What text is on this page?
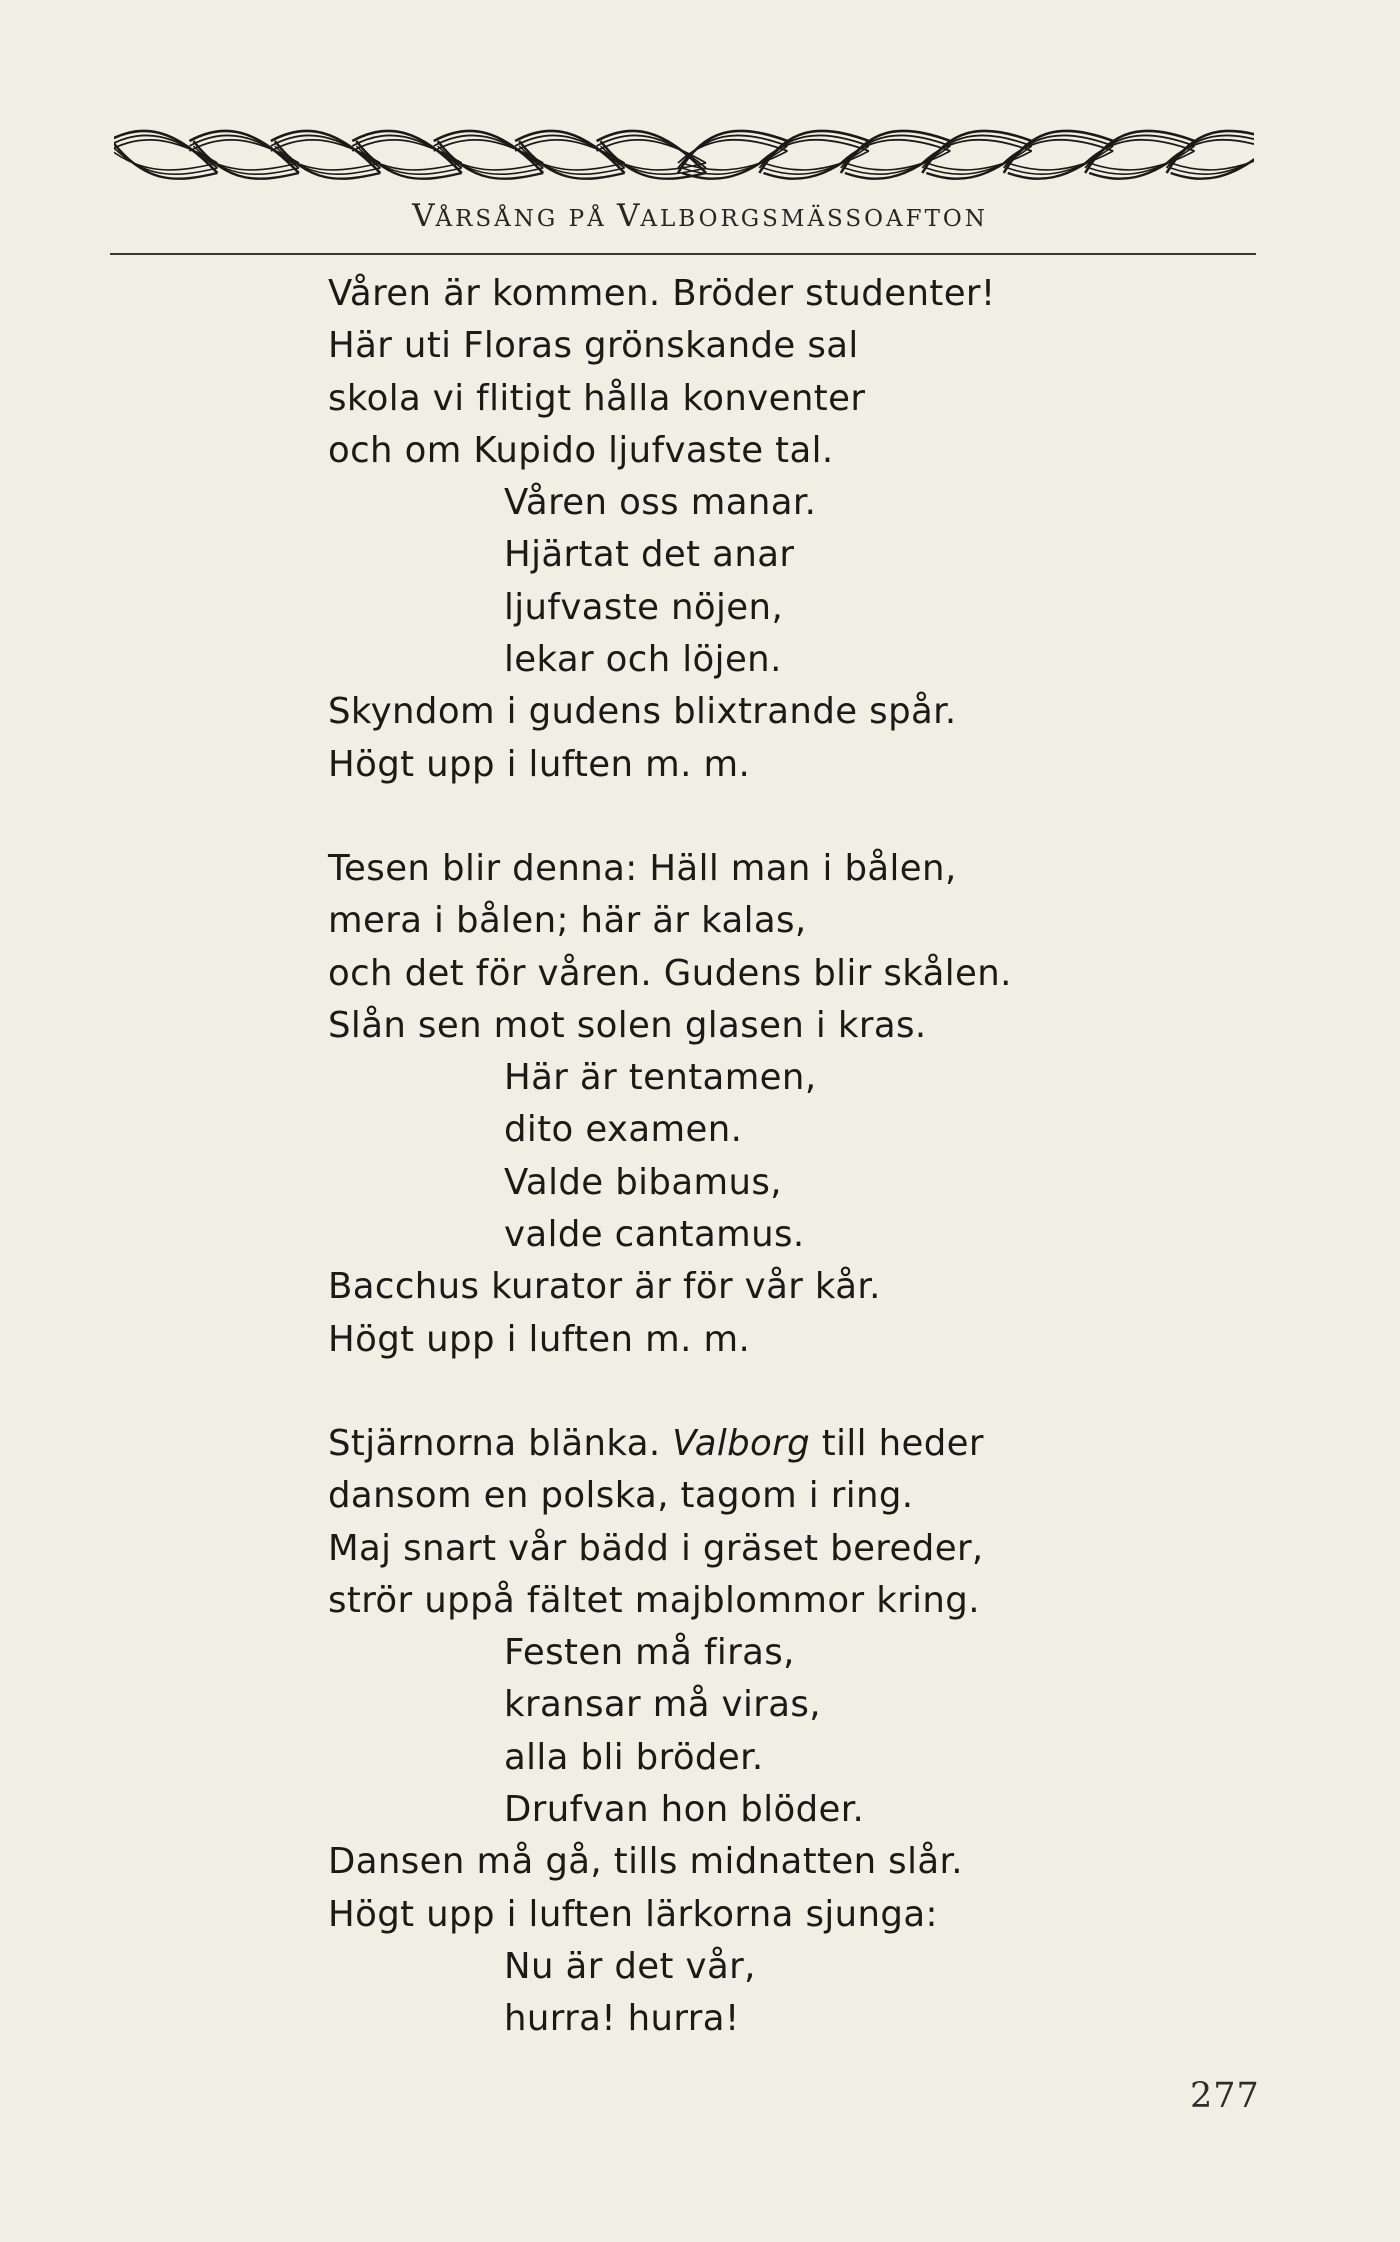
VÅRSÅNG PÅ VALBORGSMÄSSOAFTON
Våren är kommen. Bröder studenter!
Här uti Floras grönskande sal
skola vi flitigt hålla konventer
och om Kupido ljufvaste tal.
Våren oss manar.
Hjärtat det anar
ljufvaste nöjen,
lekar och löjen.
Skyndom i gudens blixtrande spår.
Högt upp i luften m. m.
Tesen blir denna: Häll man i bålen,
mera i bålen; här är kalas,
och det för våren. Gudens blir skålen.
Slån sen mot solen glasen i kras.
Här är tentamen,
dito examen.
Valde bibamus,
valde cantamus.
Bacchus kurator är för vår kår.
Högt upp i luften m. m.
Stjärnorna blänka. Valborg till heder
dansom en polska, tagom i ring.
Maj snart vår bädd i gräset bereder,
strör uppå fältet majblommor kring.
Festen må firas,
kransar må viras,
alla bli bröder.
Drufvan hon blöder.
Dansen må gå, tills midnatten slår.
Högt upp i luften lärkorna sjunga:
Nu är det vår,
hurra! hurra!
277
